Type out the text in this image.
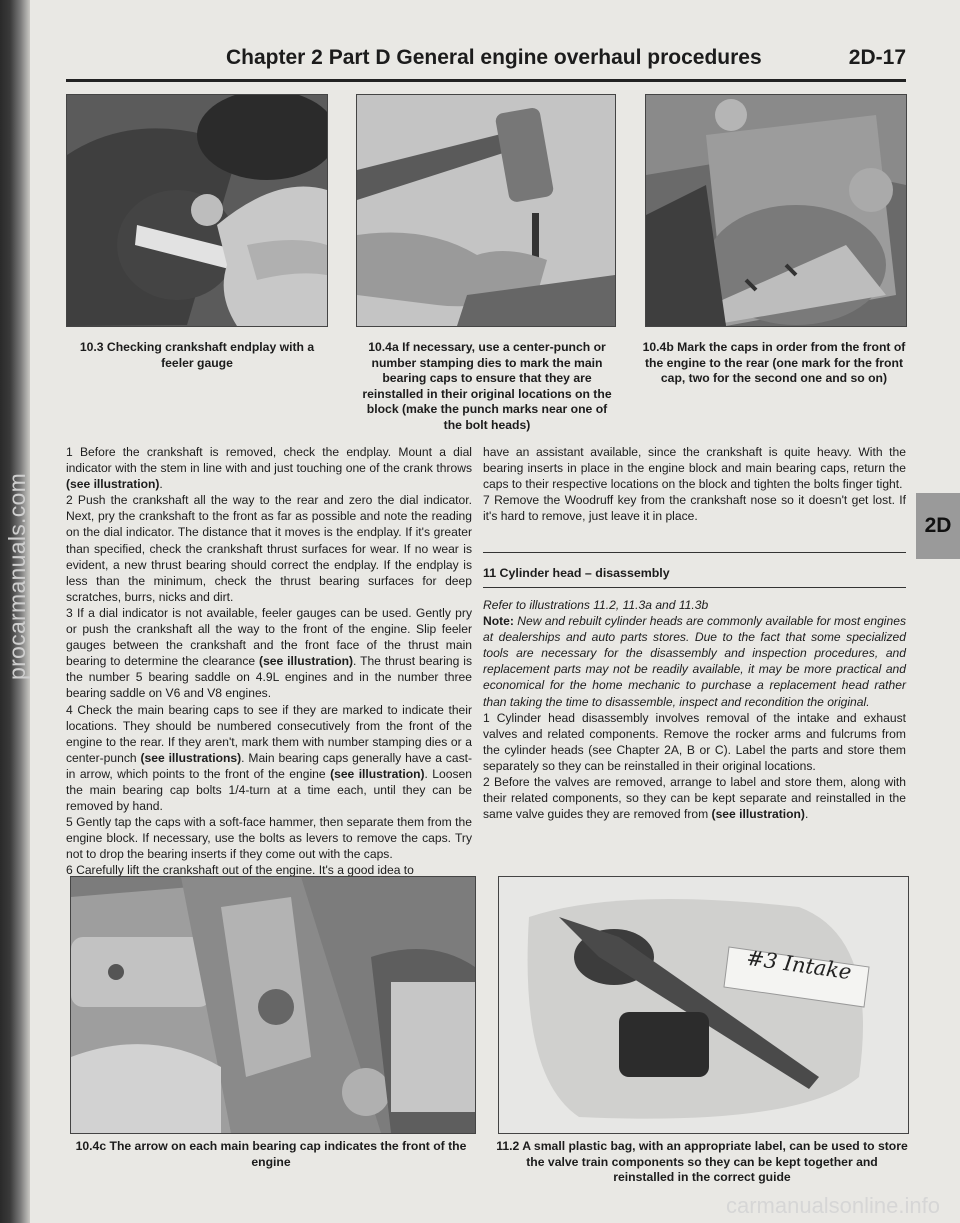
procarmanuals.com
Chapter 2 Part D General engine overhaul procedures	2D-17
10.3 Checking crankshaft endplay with a feeler gauge
10.4a If necessary, use a center-punch or number stamping dies to mark the main bearing caps to ensure that they are reinstalled in their original locations on the block (make the punch marks near one of the bolt heads)
10.4b Mark the caps in order from the front of the engine to the rear (one mark for the front cap, two for the second one and so on)

1 Before the crankshaft is removed, check the endplay. Mount a dial indicator with the stem in line with and just touching one of the crank throws (see illustration).

2 Push the crankshaft all the way to the rear and zero the dial indicator. Next, pry the crankshaft to the front as far as possible and note the reading on the dial indicator. The distance that it moves is the endplay. If it's greater than specified, check the crankshaft thrust surfaces for wear. If no wear is evident, a new thrust bearing should correct the endplay. If the endplay is less than the minimum, check the thrust bearing surfaces for deep scratches, burrs, nicks and dirt.

3 If a dial indicator is not available, feeler gauges can be used. Gently pry or push the crankshaft all the way to the front of the engine. Slip feeler gauges between the crankshaft and the front face of the thrust main bearing to determine the clearance (see illustration). The thrust bearing is the number 5 bearing saddle on 4.9L engines and in the number three bearing saddle on V6 and V8 engines.

4 Check the main bearing caps to see if they are marked to indicate their locations. They should be numbered consecutively from the front of the engine to the rear. If they aren't, mark them with number stamping dies or a center-punch (see illustrations). Main bearing caps generally have a cast-in arrow, which points to the front of the engine (see illustration). Loosen the main bearing cap bolts 1/4-turn at a time each, until they can be removed by hand.

5 Gently tap the caps with a soft-face hammer, then separate them from the engine block. If necessary, use the bolts as levers to remove the caps. Try not to drop the bearing inserts if they come out with the caps.

6 Carefully lift the crankshaft out of the engine. It's a good idea to

have an assistant available, since the crankshaft is quite heavy. With the bearing inserts in place in the engine block and main bearing caps, return the caps to their respective locations on the block and tighten the bolts finger tight.

7 Remove the Woodruff key from the crankshaft nose so it doesn't get lost. If it's hard to remove, just leave it in place.

11 Cylinder head – disassembly

Refer to illustrations 11.2, 11.3a and 11.3b

Note: New and rebuilt cylinder heads are commonly available for most engines at dealerships and auto parts stores. Due to the fact that some specialized tools are necessary for the disassembly and inspection procedures, and replacement parts may not be readily available, it may be more practical and economical for the home mechanic to purchase a replacement head rather than taking the time to disassemble, inspect and recondition the original.

1 Cylinder head disassembly involves removal of the intake and exhaust valves and related components. Remove the rocker arms and fulcrums from the cylinder heads (see Chapter 2A, B or C). Label the parts and store them separately so they can be reinstalled in their original locations.

2 Before the valves are removed, arrange to label and store them, along with their related components, so they can be kept separate and reinstalled in the same valve guides they are removed from (see illustration).

2D
#3 Intake
10.4c The arrow on each main bearing cap indicates the front of the engine
11.2 A small plastic bag, with an appropriate label, can be used to store the valve train components so they can be kept together and reinstalled in the correct guide
carmanualsonline.info
